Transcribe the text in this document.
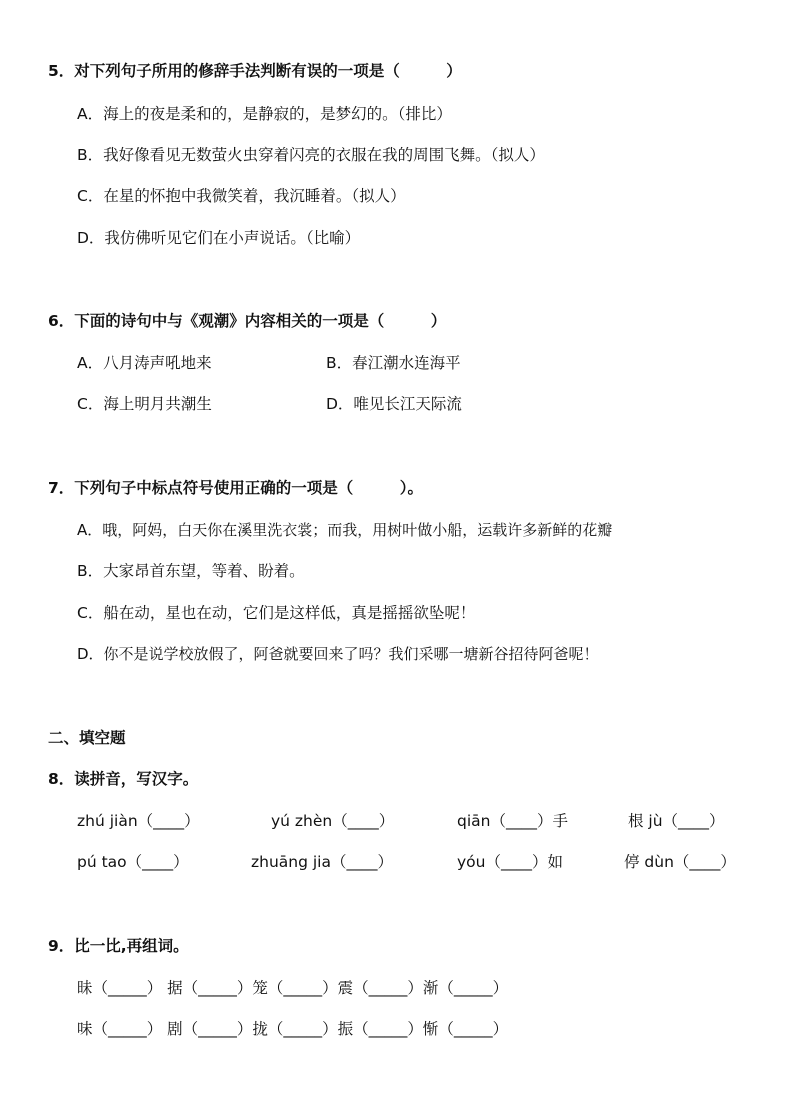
5．对下列句子所用的修辞手法判断有误的一项是（　　　）
A．海上的夜是柔和的，是静寂的，是梦幻的。（排比）
B．我好像看见无数萤火虫穿着闪亮的衣服在我的周围飞舞。（拟人）
C．在星的怀抱中我微笑着，我沉睡着。（拟人）
D．我仿佛听见它们在小声说话。（比喻）
6．下面的诗句中与《观潮》内容相关的一项是（　　　）
A．八月涛声吼地来	B．春江潮水连海平
C．海上明月共潮生	D．唯见长江天际流
7．下列句子中标点符号使用正确的一项是（　　　）。
A．哦，阿妈，白天你在溪里洗衣裳；而我，用树叶做小船，运载许多新鲜的花瓣
B．大家昂首东望，等着、盼着。
C．船在动，星也在动，它们是这样低，真是摇摇欲坠呢！
D．你不是说学校放假了，阿爸就要回来了吗？我们采哪一塘新谷招待阿爸呢！
二、填空题
8．读拼音，写汉字。
zhú jiàn（____）	yú zhèn（____）	qiān（____）手	根 jù（____）
pú tao（____）	zhuāng jia（____）	yóu（____）如	停 dùn（____）
9．比一比,再组词。
昧（_____） 据（_____）笼（_____）震（_____）渐（_____）
味（_____） 剧（_____）拢（_____）振（_____）惭（_____）
